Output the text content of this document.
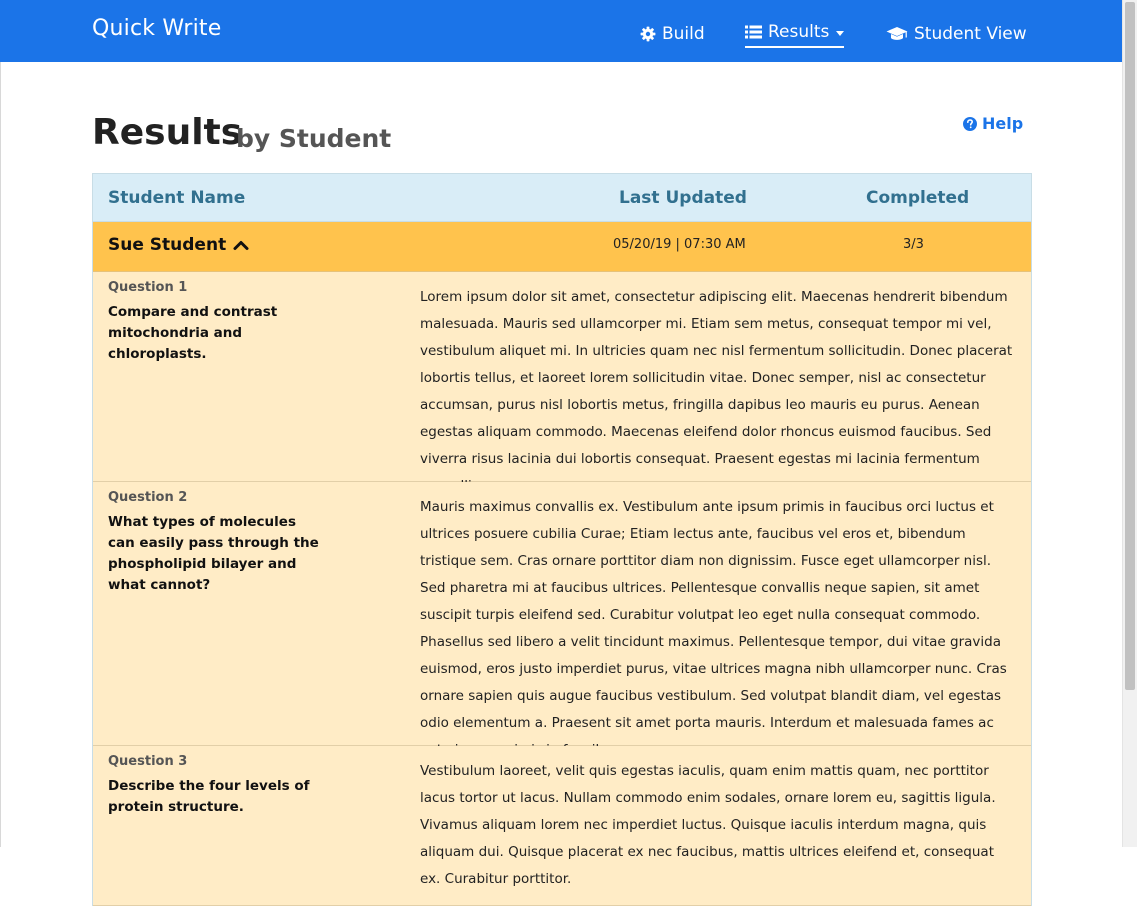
Quick Write	Build	Results	Student View
Results
by Student
Help
Student Name	Last Updated	Completed
Sue Student	05/20/19 | 07:30 AM	3/3
Question 1
Compare and contrast mitochondria and chloroplasts.
Lorem ipsum dolor sit amet, consectetur adipiscing elit. Maecenas hendrerit bibendum malesuada. Mauris sed ullamcorper mi. Etiam sem metus, consequat tempor mi vel, vestibulum aliquet mi. In ultricies quam nec nisl fermentum sollicitudin. Donec placerat lobortis tellus, et laoreet lorem sollicitudin vitae. Donec semper, nisl ac consectetur accumsan, purus nisl lobortis metus, fringilla dapibus leo mauris eu purus. Aenean egestas aliquam commodo. Maecenas eleifend dolor rhoncus euismod faucibus. Sed viverra risus lacinia dui lobortis consequat. Praesent egestas mi lacinia fermentum
Question 2
What types of molecules can easily pass through the phospholipid bilayer and what cannot?
Mauris maximus convallis ex. Vestibulum ante ipsum primis in faucibus orci luctus et ultrices posuere cubilia Curae; Etiam lectus ante, faucibus vel eros et, bibendum tristique sem. Cras ornare porttitor diam non dignissim. Fusce eget ullamcorper nisl. Sed pharetra mi at faucibus ultrices. Pellentesque convallis neque sapien, sit amet suscipit turpis eleifend sed. Curabitur volutpat leo eget nulla consequat commodo. Phasellus sed libero a velit tincidunt maximus. Pellentesque tempor, dui vitae gravida euismod, eros justo imperdiet purus, vitae ultrices magna nibh ullamcorper nunc. Cras ornare sapien quis augue faucibus vestibulum. Sed volutpat blandit diam, vel egestas odio elementum a. Praesent sit amet porta mauris. Interdum et malesuada fames ac
Question 3
Describe the four levels of protein structure.
Vestibulum laoreet, velit quis egestas iaculis, quam enim mattis quam, nec porttitor lacus tortor ut lacus. Nullam commodo enim sodales, ornare lorem eu, sagittis ligula. Vivamus aliquam lorem nec imperdiet luctus. Quisque iaculis interdum magna, quis aliquam dui. Quisque placerat ex nec faucibus, mattis ultrices eleifend et, consequat ex. Curabitur porttitor.
